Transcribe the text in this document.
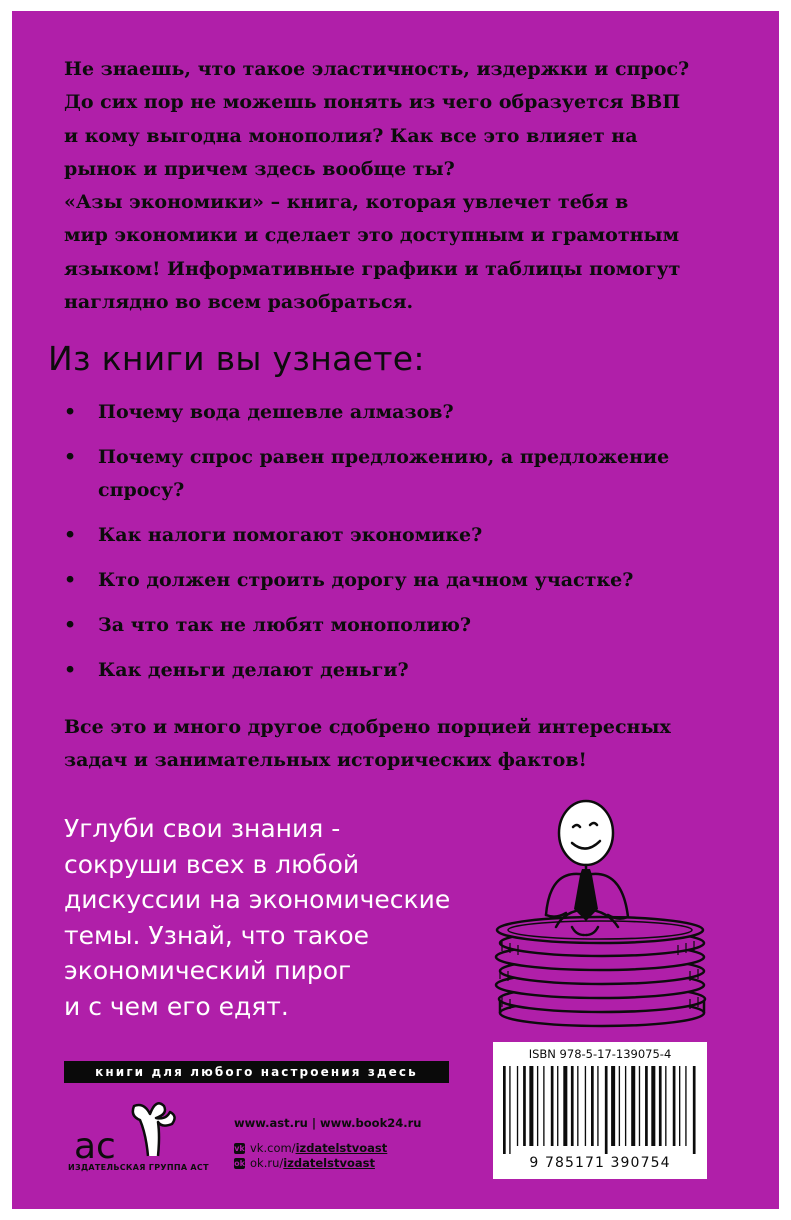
Не знаешь, что такое эластичность, издержки и спрос?
До сих пор не можешь понять из чего образуется ВВП
и кому выгодна монополия? Как все это влияет на
рынок и причем здесь вообще ты?
«Азы экономики» – книга, которая увлечет тебя в
мир экономики и сделает это доступным и грамотным
языком! Информативные графики и таблицы помогут
наглядно во всем разобраться.
Из книги вы узнаете:
• Почему вода дешевле алмазов?
• Почему спрос равен предложению, а предложение
спросу?
• Как налоги помогают экономике?
• Кто должен строить дорогу на дачном участке?
• За что так не любят монополию?
• Как деньги делают деньги?
Все это и много другое сдобрено порцией интересных
задач и занимательных исторических фактов!
Углуби свои знания -
сокруши всех в любой
дискуссии на экономические
темы. Узнай, что такое
экономический пирог
и с чем его едят.
книги для любого настроения здесь
ас
ИЗДАТЕЛЬСКАЯ ГРУППА АСТ
www.ast.ru | www.book24.ru
vk vk.com/izdatelstvoast
ok ok.ru/izdatelstvoast
ISBN 978-5-17-139075-4
9 785171 390754
